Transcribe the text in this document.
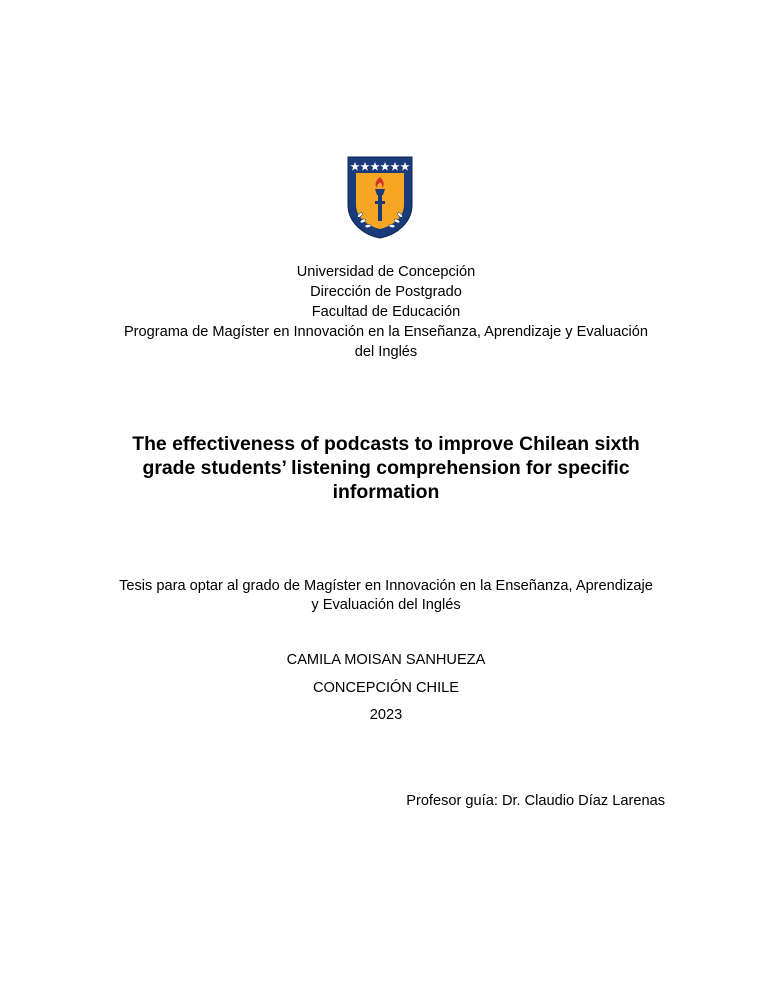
Universidad de Concepción
Dirección de Postgrado
Facultad de Educación
Programa de Magíster en Innovación en la Enseñanza, Aprendizaje y Evaluación
del Inglés
The effectiveness of podcasts to improve Chilean sixth
grade students’ listening comprehension for specific
information
Tesis para optar al grado de Magíster en Innovación en la Enseñanza, Aprendizaje
y Evaluación del Inglés
CAMILA MOISAN SANHUEZA
CONCEPCIÓN CHILE
2023
Profesor guía: Dr. Claudio Díaz Larenas
